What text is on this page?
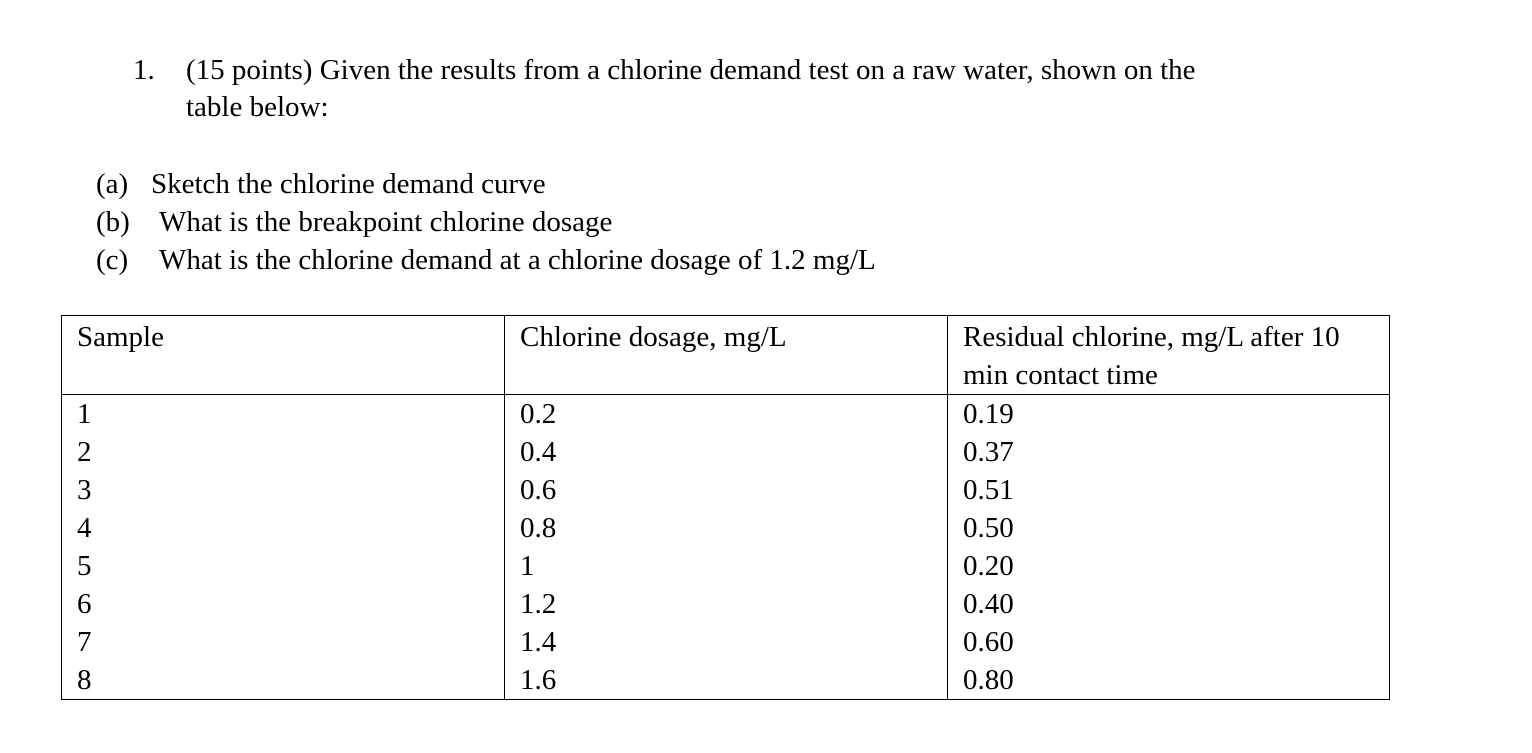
1. (15 points) Given the results from a chlorine demand test on a raw water, shown on the
table below:
(a) Sketch the chlorine demand curve
(b) What is the breakpoint chlorine dosage
(c) What is the chlorine demand at a chlorine dosage of 1.2 mg/L
Sample	Chlorine dosage, mg/L	Residual chlorine, mg/L after 10 min contact time
1	0.2	0.19
2	0.4	0.37
3	0.6	0.51
4	0.8	0.50
5	1	0.20
6	1.2	0.40
7	1.4	0.60
8	1.6	0.80
